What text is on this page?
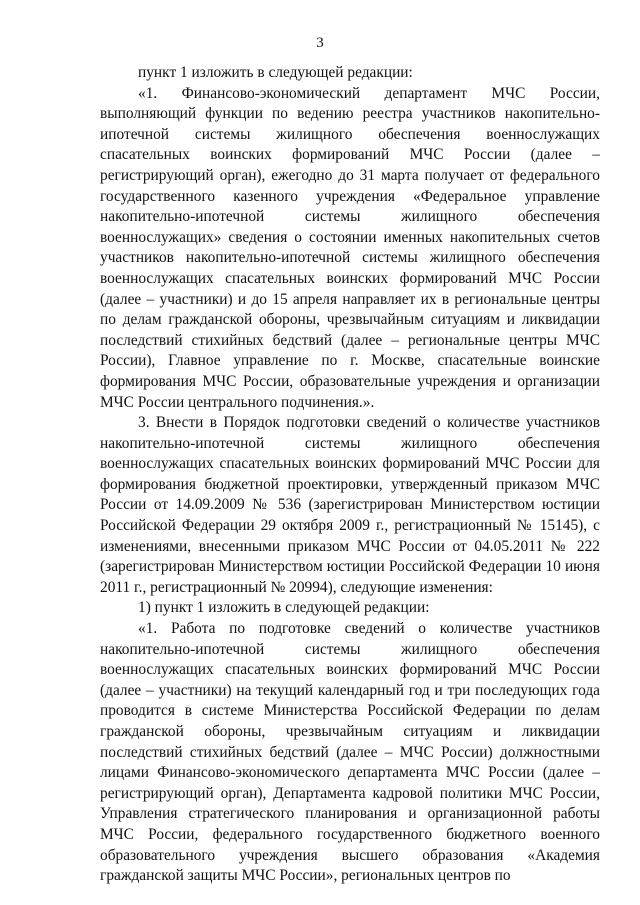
3

пункт 1 изложить в следующей редакции:

«1. Финансово-экономический департамент МЧС России, выполняющий функции по ведению реестра участников накопительно-ипотечной системы жилищного обеспечения военнослужащих спасательных воинских формирований МЧС России (далее – регистрирующий орган), ежегодно до 31 марта получает от федерального государственного казенного учреждения «Федеральное управление накопительно-ипотечной системы жилищного обеспечения военнослужащих» сведения о состоянии именных накопительных счетов участников накопительно-ипотечной системы жилищного обеспечения военнослужащих спасательных воинских формирований МЧС России (далее – участники) и до 15 апреля направляет их в региональные центры по делам гражданской обороны, чрезвычайным ситуациям и ликвидации последствий стихийных бедствий (далее – региональные центры МЧС России), Главное управление по г. Москве, спасательные воинские формирования МЧС России, образовательные учреждения и организации МЧС России центрального подчинения.».

3. Внести в Порядок подготовки сведений о количестве участников накопительно-ипотечной системы жилищного обеспечения военнослужащих спасательных воинских формирований МЧС России для формирования бюджетной проектировки, утвержденный приказом МЧС России от 14.09.2009 № 536 (зарегистрирован Министерством юстиции Российской Федерации 29 октября 2009 г., регистрационный № 15145), с изменениями, внесенными приказом МЧС России от 04.05.2011 № 222 (зарегистрирован Министерством юстиции Российской Федерации 10 июня 2011 г., регистрационный № 20994), следующие изменения:

1) пункт 1 изложить в следующей редакции:

«1. Работа по подготовке сведений о количестве участников накопительно-ипотечной системы жилищного обеспечения военнослужащих спасательных воинских формирований МЧС России (далее – участники) на текущий календарный год и три последующих года проводится в системе Министерства Российской Федерации по делам гражданской обороны, чрезвычайным ситуациям и ликвидации последствий стихийных бедствий (далее – МЧС России) должностными лицами Финансово-экономического департамента МЧС России (далее – регистрирующий орган), Департамента кадровой политики МЧС России, Управления стратегического планирования и организационной работы МЧС России, федерального государственного бюджетного военного образовательного учреждения высшего образования «Академия гражданской защиты МЧС России», региональных центров по
